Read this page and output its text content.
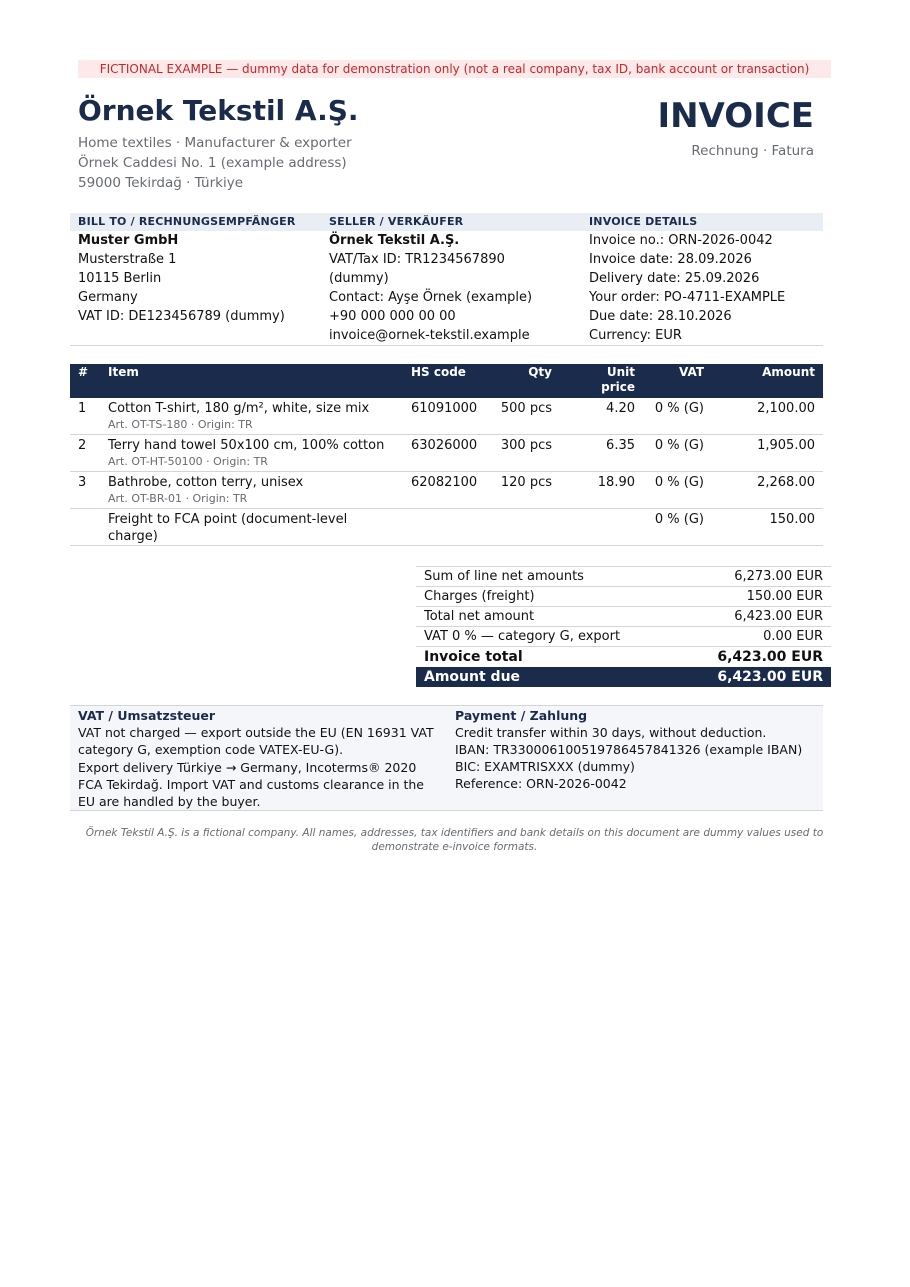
FICTIONAL EXAMPLE — dummy data for demonstration only (not a real company, tax ID, bank account or transaction)
Örnek Tekstil A.Ş.
Home textiles · Manufacturer & exporter
Örnek Caddesi No. 1 (example address)
59000 Tekirdağ · Türkiye
INVOICE
Rechnung · Fatura
BILL TO / RECHNUNGSEMPFÄNGER
Muster GmbH
Musterstraße 1
10115 Berlin
Germany
VAT ID: DE123456789 (dummy)
SELLER / VERKÄUFER
Örnek Tekstil A.Ş.
VAT/Tax ID: TR1234567890
(dummy)
Contact: Ayşe Örnek (example)
+90 000 000 00 00
invoice@ornek-tekstil.example
INVOICE DETAILS
Invoice no.: ORN-2026-0042
Invoice date: 28.09.2026
Delivery date: 25.09.2026
Your order: PO-4711-EXAMPLE
Due date: 28.10.2026
Currency: EUR
#	Item	HS code	Qty	Unit
price	VAT	Amount
1	Cotton T-shirt, 180 g/m², white, size mix
Art. OT-TS-180 · Origin: TR	61091000	500 pcs	4.20	0 % (G)	2,100.00
2	Terry hand towel 50x100 cm, 100% cotton
Art. OT-HT-50100 · Origin: TR	63026000	300 pcs	6.35	0 % (G)	1,905.00
3	Bathrobe, cotton terry, unisex
Art. OT-BR-01 · Origin: TR	62082100	120 pcs	18.90	0 % (G)	2,268.00
	Freight to FCA point (document-level
charge)				0 % (G)	150.00
Sum of line net amounts	6,273.00 EUR
Charges (freight)	150.00 EUR
Total net amount	6,423.00 EUR
VAT 0 % — category G, export	0.00 EUR
Invoice total	6,423.00 EUR
Amount due	6,423.00 EUR
VAT / Umsatzsteuer

VAT not charged — export outside the EU (EN 16931 VAT

category G, exemption code VATEX-EU-G).

Export delivery Türkiye → Germany, Incoterms® 2020

FCA Tekirdağ. Import VAT and customs clearance in the

EU are handled by the buyer.

Payment / Zahlung

Credit transfer within 30 days, without deduction.

IBAN: TR330006100519786457841326 (example IBAN)

BIC: EXAMTRISXXX (dummy)

Reference: ORN-2026-0042

Örnek Tekstil A.Ş. is a fictional company. All names, addresses, tax identifiers and bank details on this document are dummy values used to
demonstrate e-invoice formats.
